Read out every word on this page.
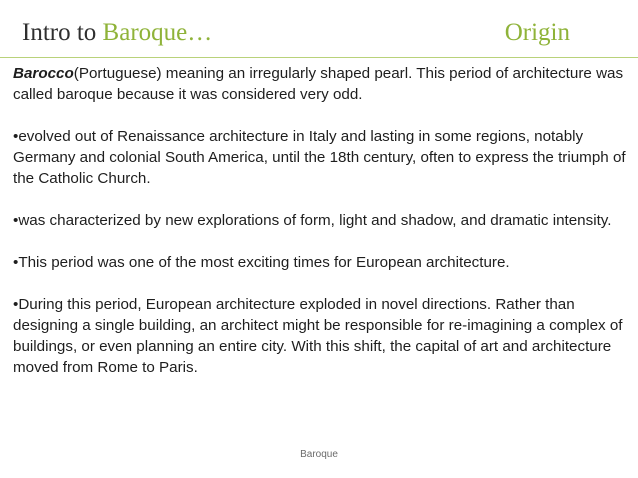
Intro to Baroque…	Origin

Barocco(Portuguese) meaning an irregularly shaped pearl. This period of architecture was called baroque because it was considered very odd.

•evolved out of Renaissance architecture in Italy and lasting in some regions, notably Germany and colonial South America, until the 18th century, often to express the triumph of the Catholic Church.

•was characterized by new explorations of form, light and shadow, and dramatic intensity.

•This period was one of the most exciting times for European architecture.

•During this period, European architecture exploded in novel directions. Rather than designing a single building, an architect might be responsible for re-imagining a complex of buildings, or even planning an entire city. With this shift, the capital of art and architecture moved from Rome to Paris.

Baroque
